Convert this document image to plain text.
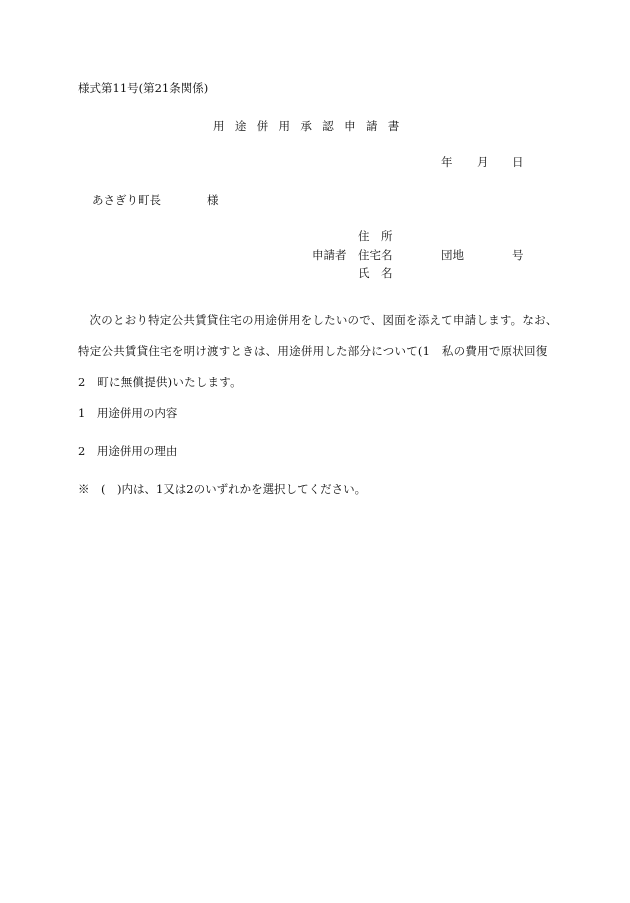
様式第11号(第21条関係)
用途併用承認申請書
年 月 日
あさぎり町長	様
住　所
申請者 住宅名	団地	号
氏　名
次のとおり特定公共賃貸住宅の用途併用をしたいので、図面を添えて申請します。なお、特定公共賃貸住宅を明け渡すときは、用途併用した部分について(1　私の費用で原状回復　2　町に無償提供)いたします。
1　用途併用の内容
2　用途併用の理由
※　(　)内は、1又は2のいずれかを選択してください。
